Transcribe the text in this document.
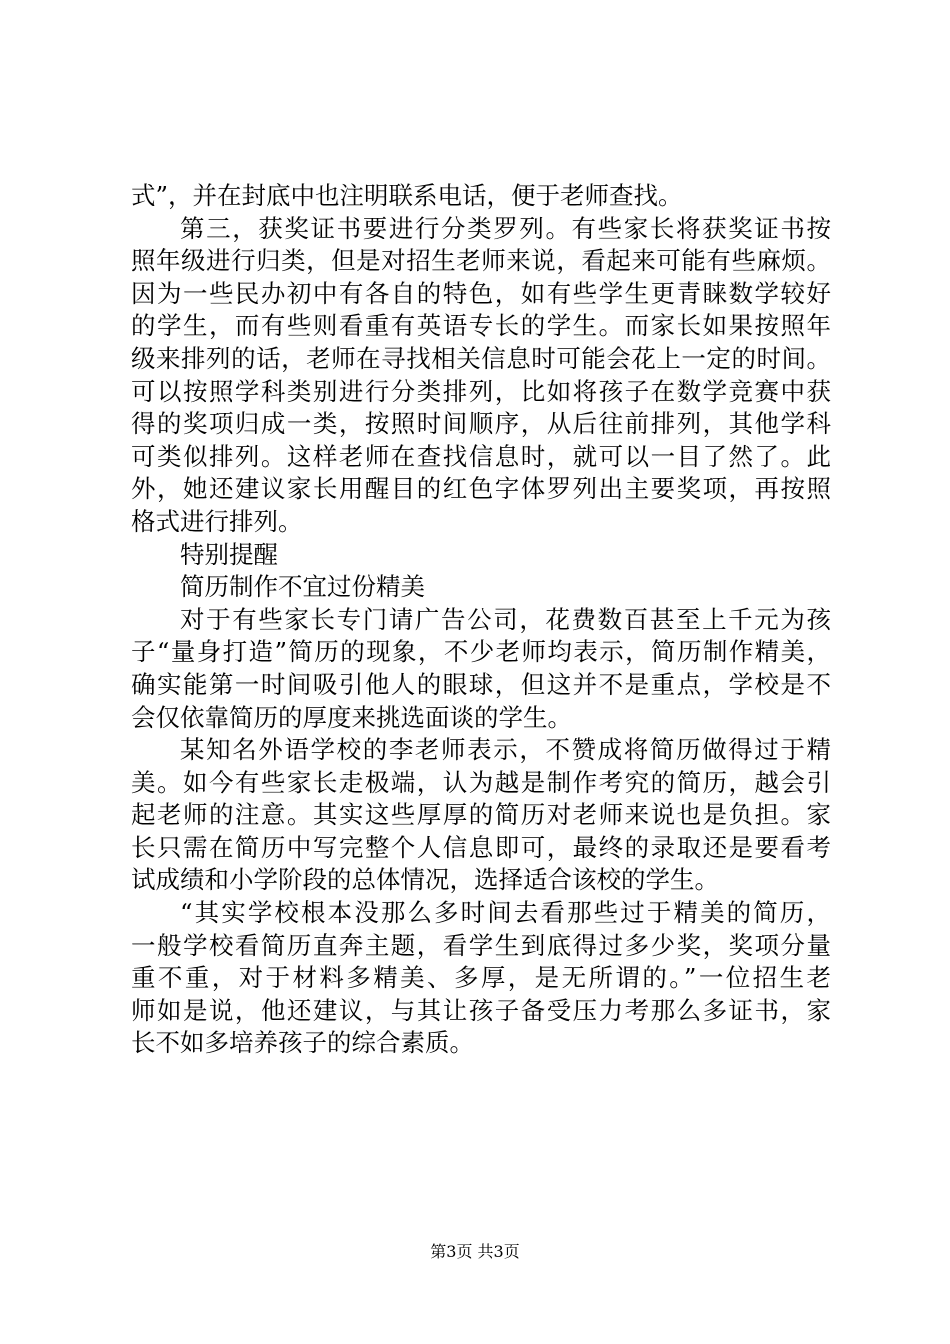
式”，并在封底中也注明联系电话，便于老师查找。
第三，获奖证书要进行分类罗列。有些家长将获奖证书按
照年级进行归类，但是对招生老师来说，看起来可能有些麻烦。
因为一些民办初中有各自的特色，如有些学生更青睐数学较好
的学生，而有些则看重有英语专长的学生。而家长如果按照年
级来排列的话，老师在寻找相关信息时可能会花上一定的时间。
可以按照学科类别进行分类排列，比如将孩子在数学竞赛中获
得的奖项归成一类，按照时间顺序，从后往前排列，其他学科
可类似排列。这样老师在查找信息时，就可以一目了然了。此
外，她还建议家长用醒目的红色字体罗列出主要奖项，再按照
格式进行排列。
特别提醒
简历制作不宜过份精美
对于有些家长专门请广告公司，花费数百甚至上千元为孩
子“量身打造”简历的现象，不少老师均表示，简历制作精美，
确实能第一时间吸引他人的眼球，但这并不是重点，学校是不
会仅依靠简历的厚度来挑选面谈的学生。
某知名外语学校的李老师表示，不赞成将简历做得过于精
美。如今有些家长走极端，认为越是制作考究的简历，越会引
起老师的注意。其实这些厚厚的简历对老师来说也是负担。家
长只需在简历中写完整个人信息即可，最终的录取还是要看考
试成绩和小学阶段的总体情况，选择适合该校的学生。
“其实学校根本没那么多时间去看那些过于精美的简历，
一般学校看简历直奔主题，看学生到底得过多少奖，奖项分量
重不重，对于材料多精美、多厚，是无所谓的。”一位招生老
师如是说，他还建议，与其让孩子备受压力考那么多证书，家
长不如多培养孩子的综合素质。
第3页 共3页
